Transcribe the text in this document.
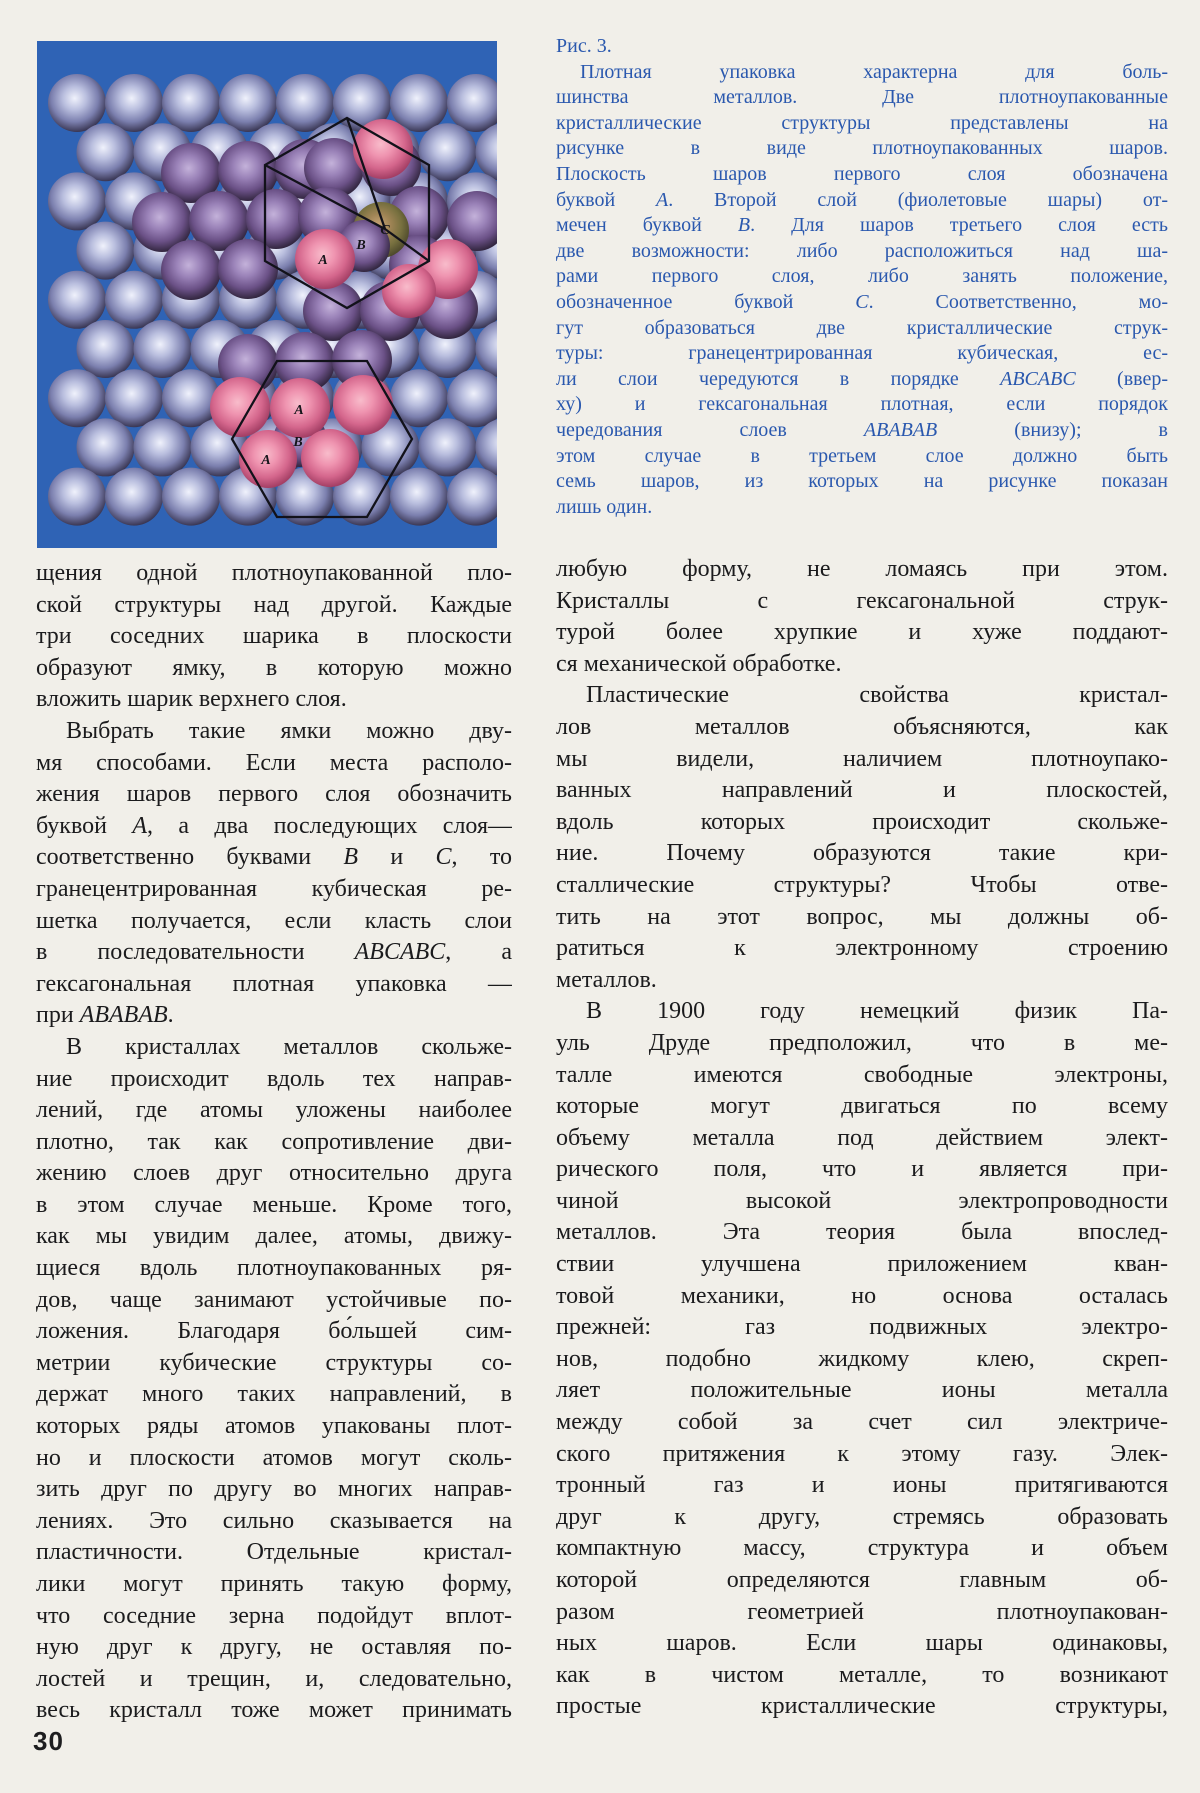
A
B
C
A
B
A
Рис. 3.
Плотная упаковка характерна для боль-
шинства металлов. Две плотноупакованные
кристаллические структуры представлены на
рисунке в виде плотноупакованных шаров.
Плоскость шаров первого слоя обозначена
буквой A. Второй слой (фиолетовые шары) от-
мечен буквой B. Для шаров третьего слоя есть
две возможности: либо расположиться над ша-
рами первого слоя, либо занять положение,
обозначенное буквой C. Соответственно, мо-
гут образоваться две кристаллические струк-
туры: гранецентрированная кубическая, ес-
ли слои чередуются в порядке ABCABC (ввер-
ху) и гексагональная плотная, если порядок
чередования слоев ABABAB (внизу); в
этом случае в третьем слое должно быть
семь шаров, из которых на рисунке показан
лишь один.
щения одной плотноупакованной пло-
ской структуры над другой. Каждые
три соседних шарика в плоскости
образуют ямку, в которую можно
вложить шарик верхнего слоя.
Выбрать такие ямки можно дву-
мя способами. Если места располо-
жения шаров первого слоя обозначить
буквой A, а два последующих слоя—
соответственно буквами B и C, то
гранецентрированная кубическая ре-
шетка получается, если класть слои
в последовательности ABCABC, а
гексагональная плотная упаковка —
при ABABAB.
В кристаллах металлов скольже-
ние происходит вдоль тех направ-
лений, где атомы уложены наиболее
плотно, так как сопротивление дви-
жению слоев друг относительно друга
в этом случае меньше. Кроме того,
как мы увидим далее, атомы, движу-
щиеся вдоль плотноупакованных ря-
дов, чаще занимают устойчивые по-
ложения. Благодаря бо́льшей сим-
метрии кубические структуры со-
держат много таких направлений, в
которых ряды атомов упакованы плот-
но и плоскости атомов могут сколь-
зить друг по другу во многих направ-
лениях. Это сильно сказывается на
пластичности. Отдельные кристал-
лики могут принять такую форму,
что соседние зерна подойдут вплот-
ную друг к другу, не оставляя по-
лостей и трещин, и, следовательно,
весь кристалл тоже может принимать
любую форму, не ломаясь при этом.
Кристаллы с гексагональной струк-
турой более хрупкие и хуже поддают-
ся механической обработке.
Пластические свойства кристал-
лов металлов объясняются, как
мы видели, наличием плотноупако-
ванных направлений и плоскостей,
вдоль которых происходит скольже-
ние. Почему образуются такие кри-
сталлические структуры? Чтобы отве-
тить на этот вопрос, мы должны об-
ратиться к электронному строению
металлов.
В 1900 году немецкий физик Па-
уль Друде предположил, что в ме-
талле имеются свободные электроны,
которые могут двигаться по всему
объему металла под действием элект-
рического поля, что и является при-
чиной высокой электропроводности
металлов. Эта теория была впослед-
ствии улучшена приложением кван-
товой механики, но основа осталась
прежней: газ подвижных электро-
нов, подобно жидкому клею, скреп-
ляет положительные ионы металла
между собой за счет сил электриче-
ского притяжения к этому газу. Элек-
тронный газ и ионы притягиваются
друг к другу, стремясь образовать
компактную массу, структура и объем
которой определяются главным об-
разом геометрией плотноупакован-
ных шаров. Если шары одинаковы,
как в чистом металле, то возникают
простые кристаллические структуры,
30
